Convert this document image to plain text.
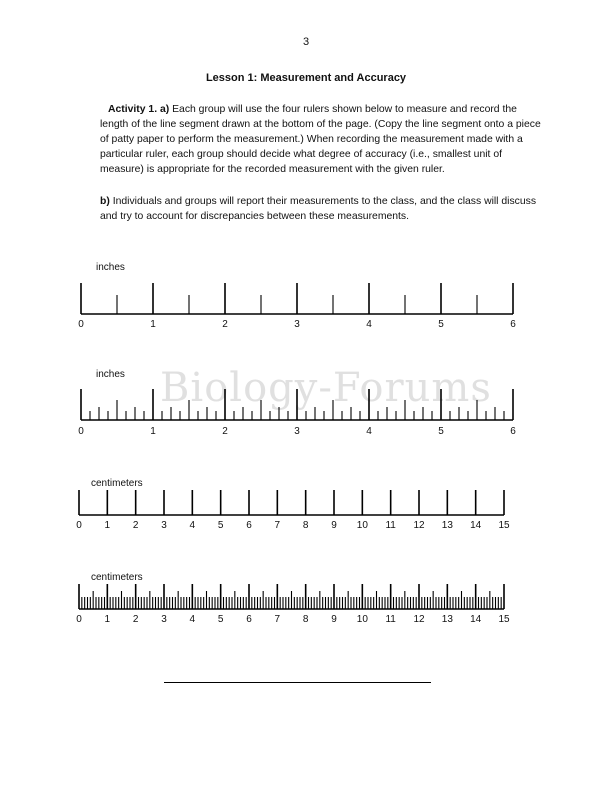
3
Lesson 1: Measurement and Accuracy
Activity 1. a) Each group will use the four rulers shown below to measure and record the length of the line segment drawn at the bottom of the page. (Copy the line segment onto a piece of patty paper to perform the measurement.) When recording the measurement made with a particular ruler, each group should decide what degree of accuracy (i.e., smallest unit of measure) is appropriate for the recorded measurement with the given ruler.
b) Individuals and groups will report their measurements to the class, and the class will discuss and try to account for discrepancies between these measurements.
Biology-Forums
inches
0	1	2	3	4	5	6
inches
0	1	2	3	4	5	6
centimeters
0 1 2 3 4 5 6 7 8 9 10 11 12 13 14 15
centimeters
0 1 2 3 4 5 6 7 8 9 10 11 12 13 14 15
